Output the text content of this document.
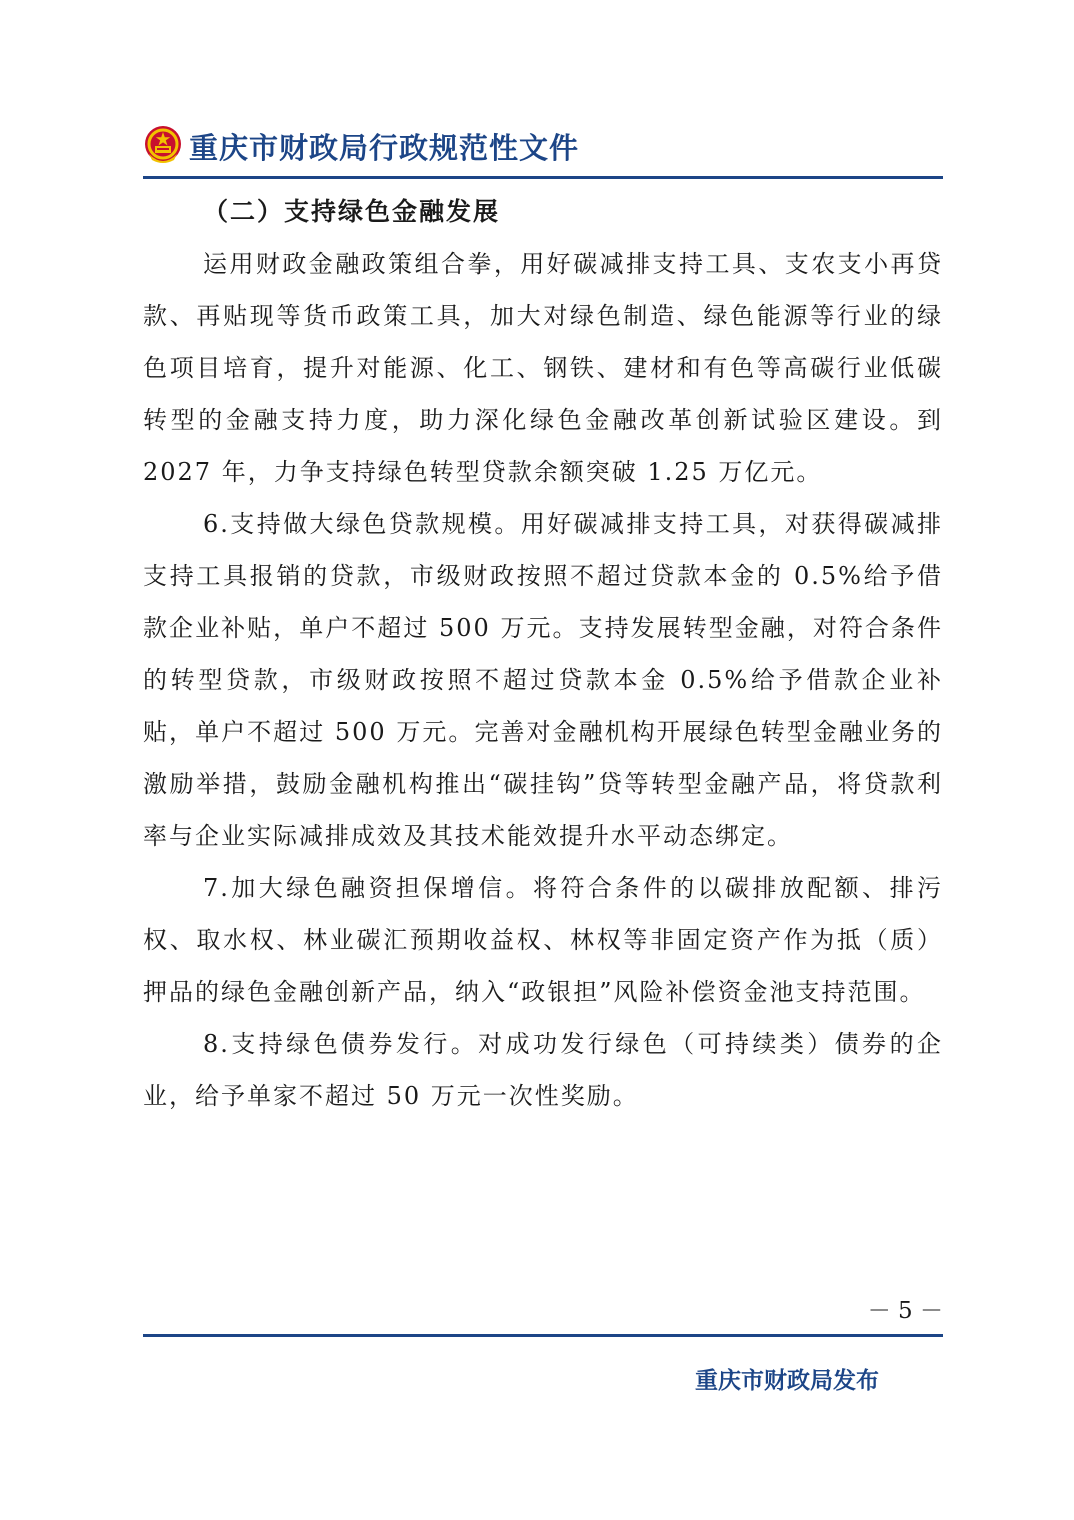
重庆市财政局行政规范性文件

（二）支持绿色金融发展

运用财政金融政策组合拳，用好碳减排支持工具、支农支小再贷款、再贴现等货币政策工具，加大对绿色制造、绿色能源等行业的绿色项目培育，提升对能源、化工、钢铁、建材和有色等高碳行业低碳转型的金融支持力度，助力深化绿色金融改革创新试验区建设。到 2027 年，力争支持绿色转型贷款余额突破 1.25 万亿元。

6.支持做大绿色贷款规模。用好碳减排支持工具，对获得碳减排支持工具报销的贷款，市级财政按照不超过贷款本金的 0.5%给予借款企业补贴，单户不超过 500 万元。支持发展转型金融，对符合条件的转型贷款，市级财政按照不超过贷款本金 0.5%给予借款企业补贴，单户不超过 500 万元。完善对金融机构开展绿色转型金融业务的激励举措，鼓励金融机构推出“碳挂钩”贷等转型金融产品，将贷款利率与企业实际减排成效及其技术能效提升水平动态绑定。

7.加大绿色融资担保增信。将符合条件的以碳排放配额、排污权、取水权、林业碳汇预期收益权、林权等非固定资产作为抵（质）押品的绿色金融创新产品，纳入“政银担”风险补偿资金池支持范围。

8.支持绿色债券发行。对成功发行绿色（可持续类）债券的企业，给予单家不超过 50 万元一次性奖励。

－ 5 －
重庆市财政局发布
